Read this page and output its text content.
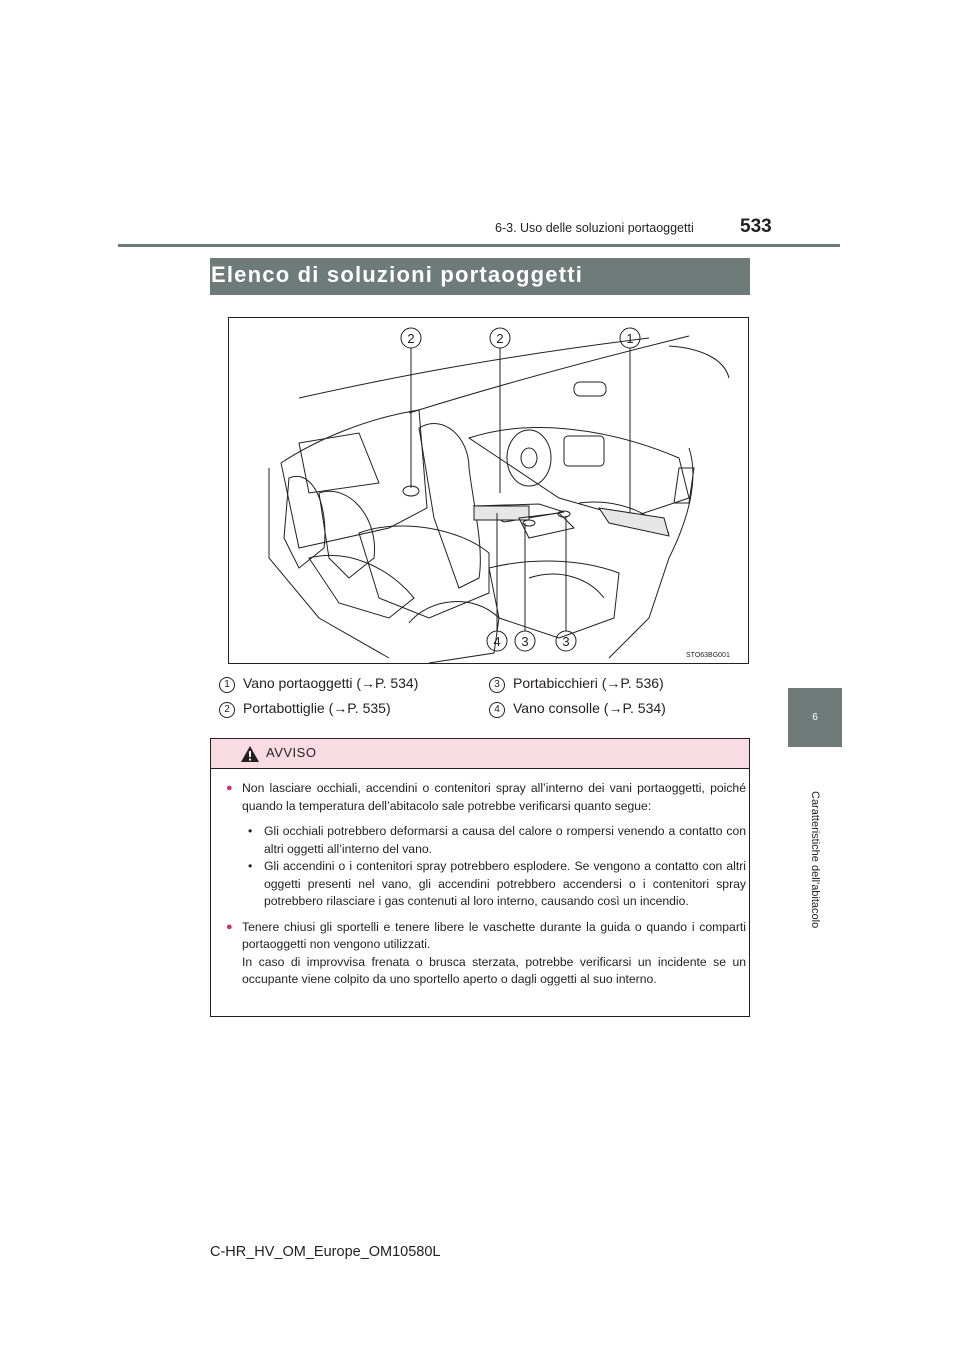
6-3. Uso delle soluzioni portaoggetti 533
6
Caratteristiche dell'abitacolo
Elenco di soluzioni portaoggetti
2	2	1
4 3	3
STO63BG001
1 Vano portaoggetti (→P. 534)
2 Portabottiglie (→P. 535)
3 Portabicchieri (→P. 536)
4 Vano consolle (→P. 534)
AVVISO

● Non lasciare occhiali, accendini o contenitori spray all’interno dei vani portaoggetti, poiché quando la temperatura dell’abitacolo sale potrebbe verificarsi quanto segue:

• Gli occhiali potrebbero deformarsi a causa del calore o rompersi venendo a contatto con altri oggetti all’interno del vano.

• Gli accendini o i contenitori spray potrebbero esplodere. Se vengono a contatto con altri oggetti presenti nel vano, gli accendini potrebbero accendersi o i contenitori spray potrebbero rilasciare i gas contenuti al loro interno, causando così un incendio.

● Tenere chiusi gli sportelli e tenere libere le vaschette durante la guida o quando i comparti portaoggetti non vengono utilizzati.

In caso di improvvisa frenata o brusca sterzata, potrebbe verificarsi un incidente se un occupante viene colpito da uno sportello aperto o dagli oggetti al suo interno.

C-HR_HV_OM_Europe_OM10580L
